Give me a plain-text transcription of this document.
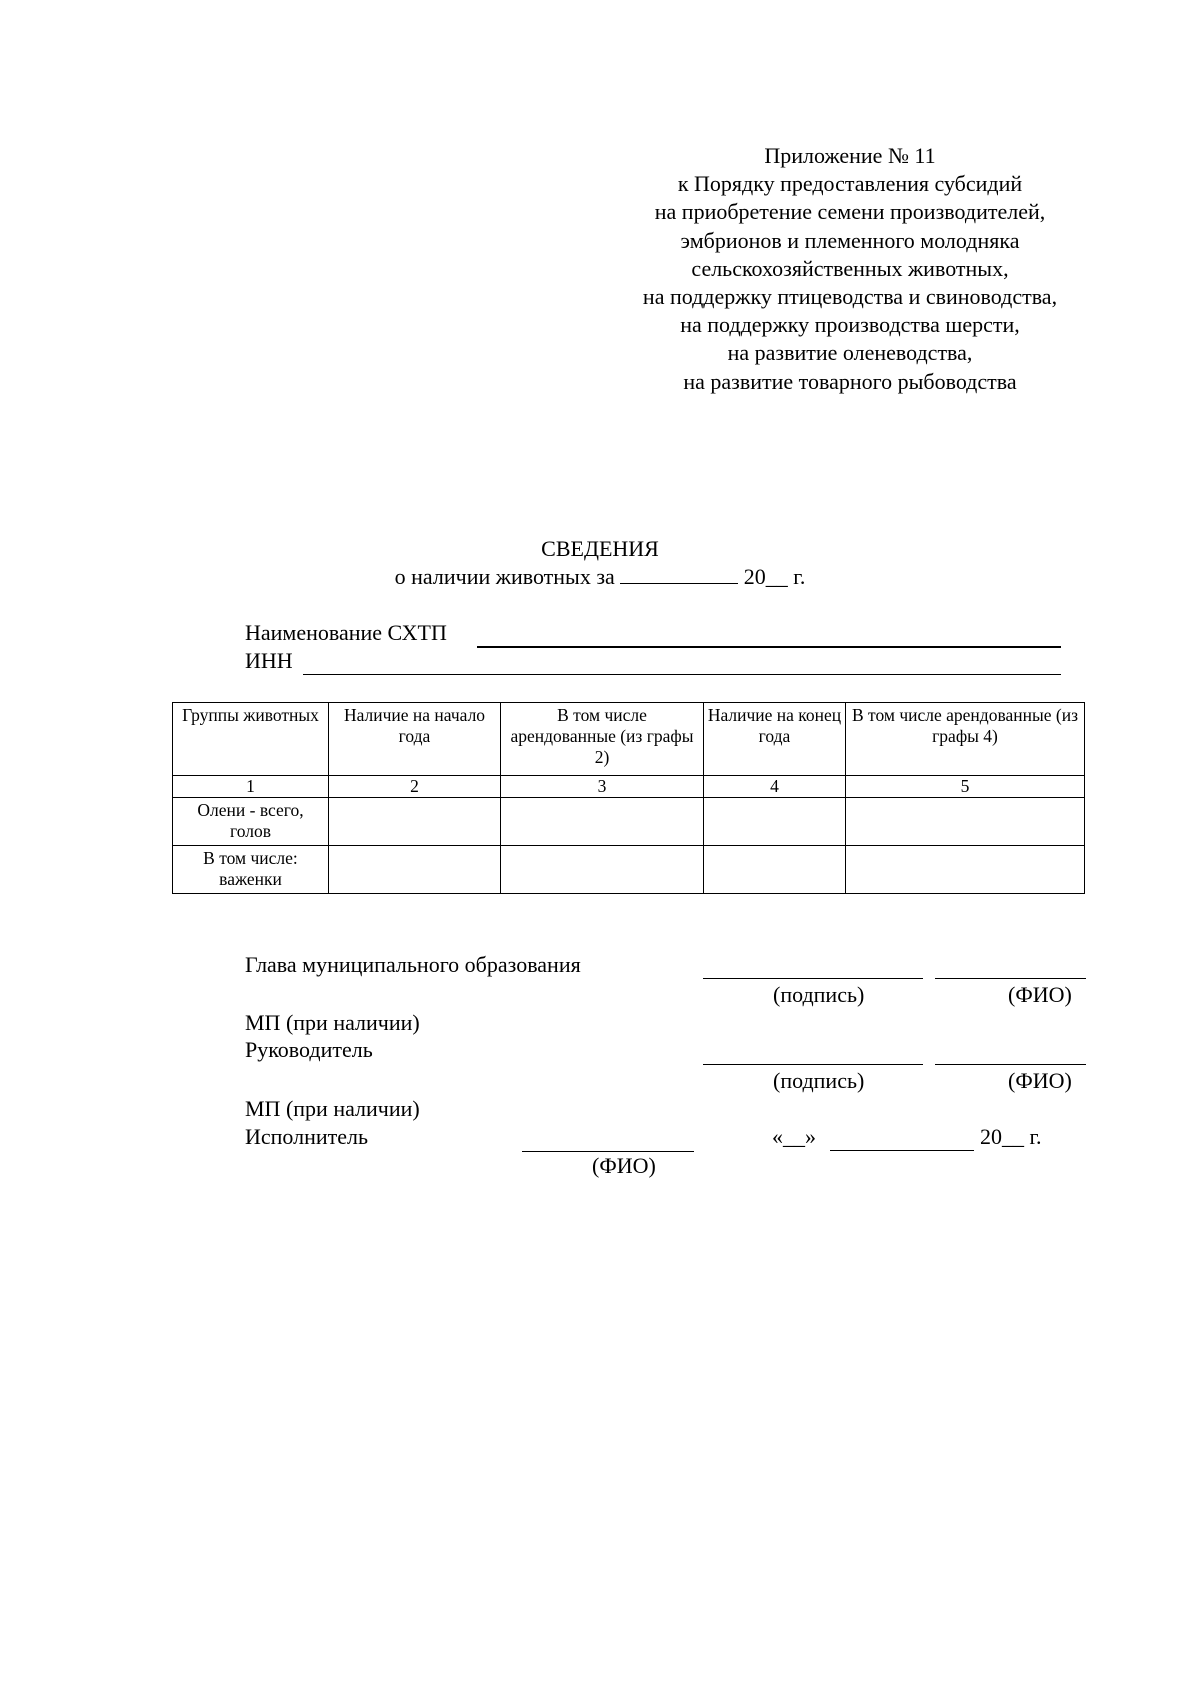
Приложение № 11
к Порядку предоставления субсидий
на приобретение семени производителей,
эмбрионов и племенного молодняка
сельскохозяйственных животных,
на поддержку птицеводства и свиноводства,
на поддержку производства шерсти,
на развитие оленеводства,
на развитие товарного рыбоводства
СВЕДЕНИЯ
о наличии животных за	20__ г.
Наименование СХТП
ИНН
Группы животных	Наличие на начало года	В том числе арендованные (из графы 2)	Наличие на конец года	В том числе арендованные (из графы 4)
1	2	3	4	5
Олени - всего, голов				
В том числе: важенки				
Глава муниципального образования
(подпись)	(ФИО)
МП (при наличии)
Руководитель
(подпись)	(ФИО)
МП (при наличии)
Исполнитель
(ФИО)
«__»	20__ г.
